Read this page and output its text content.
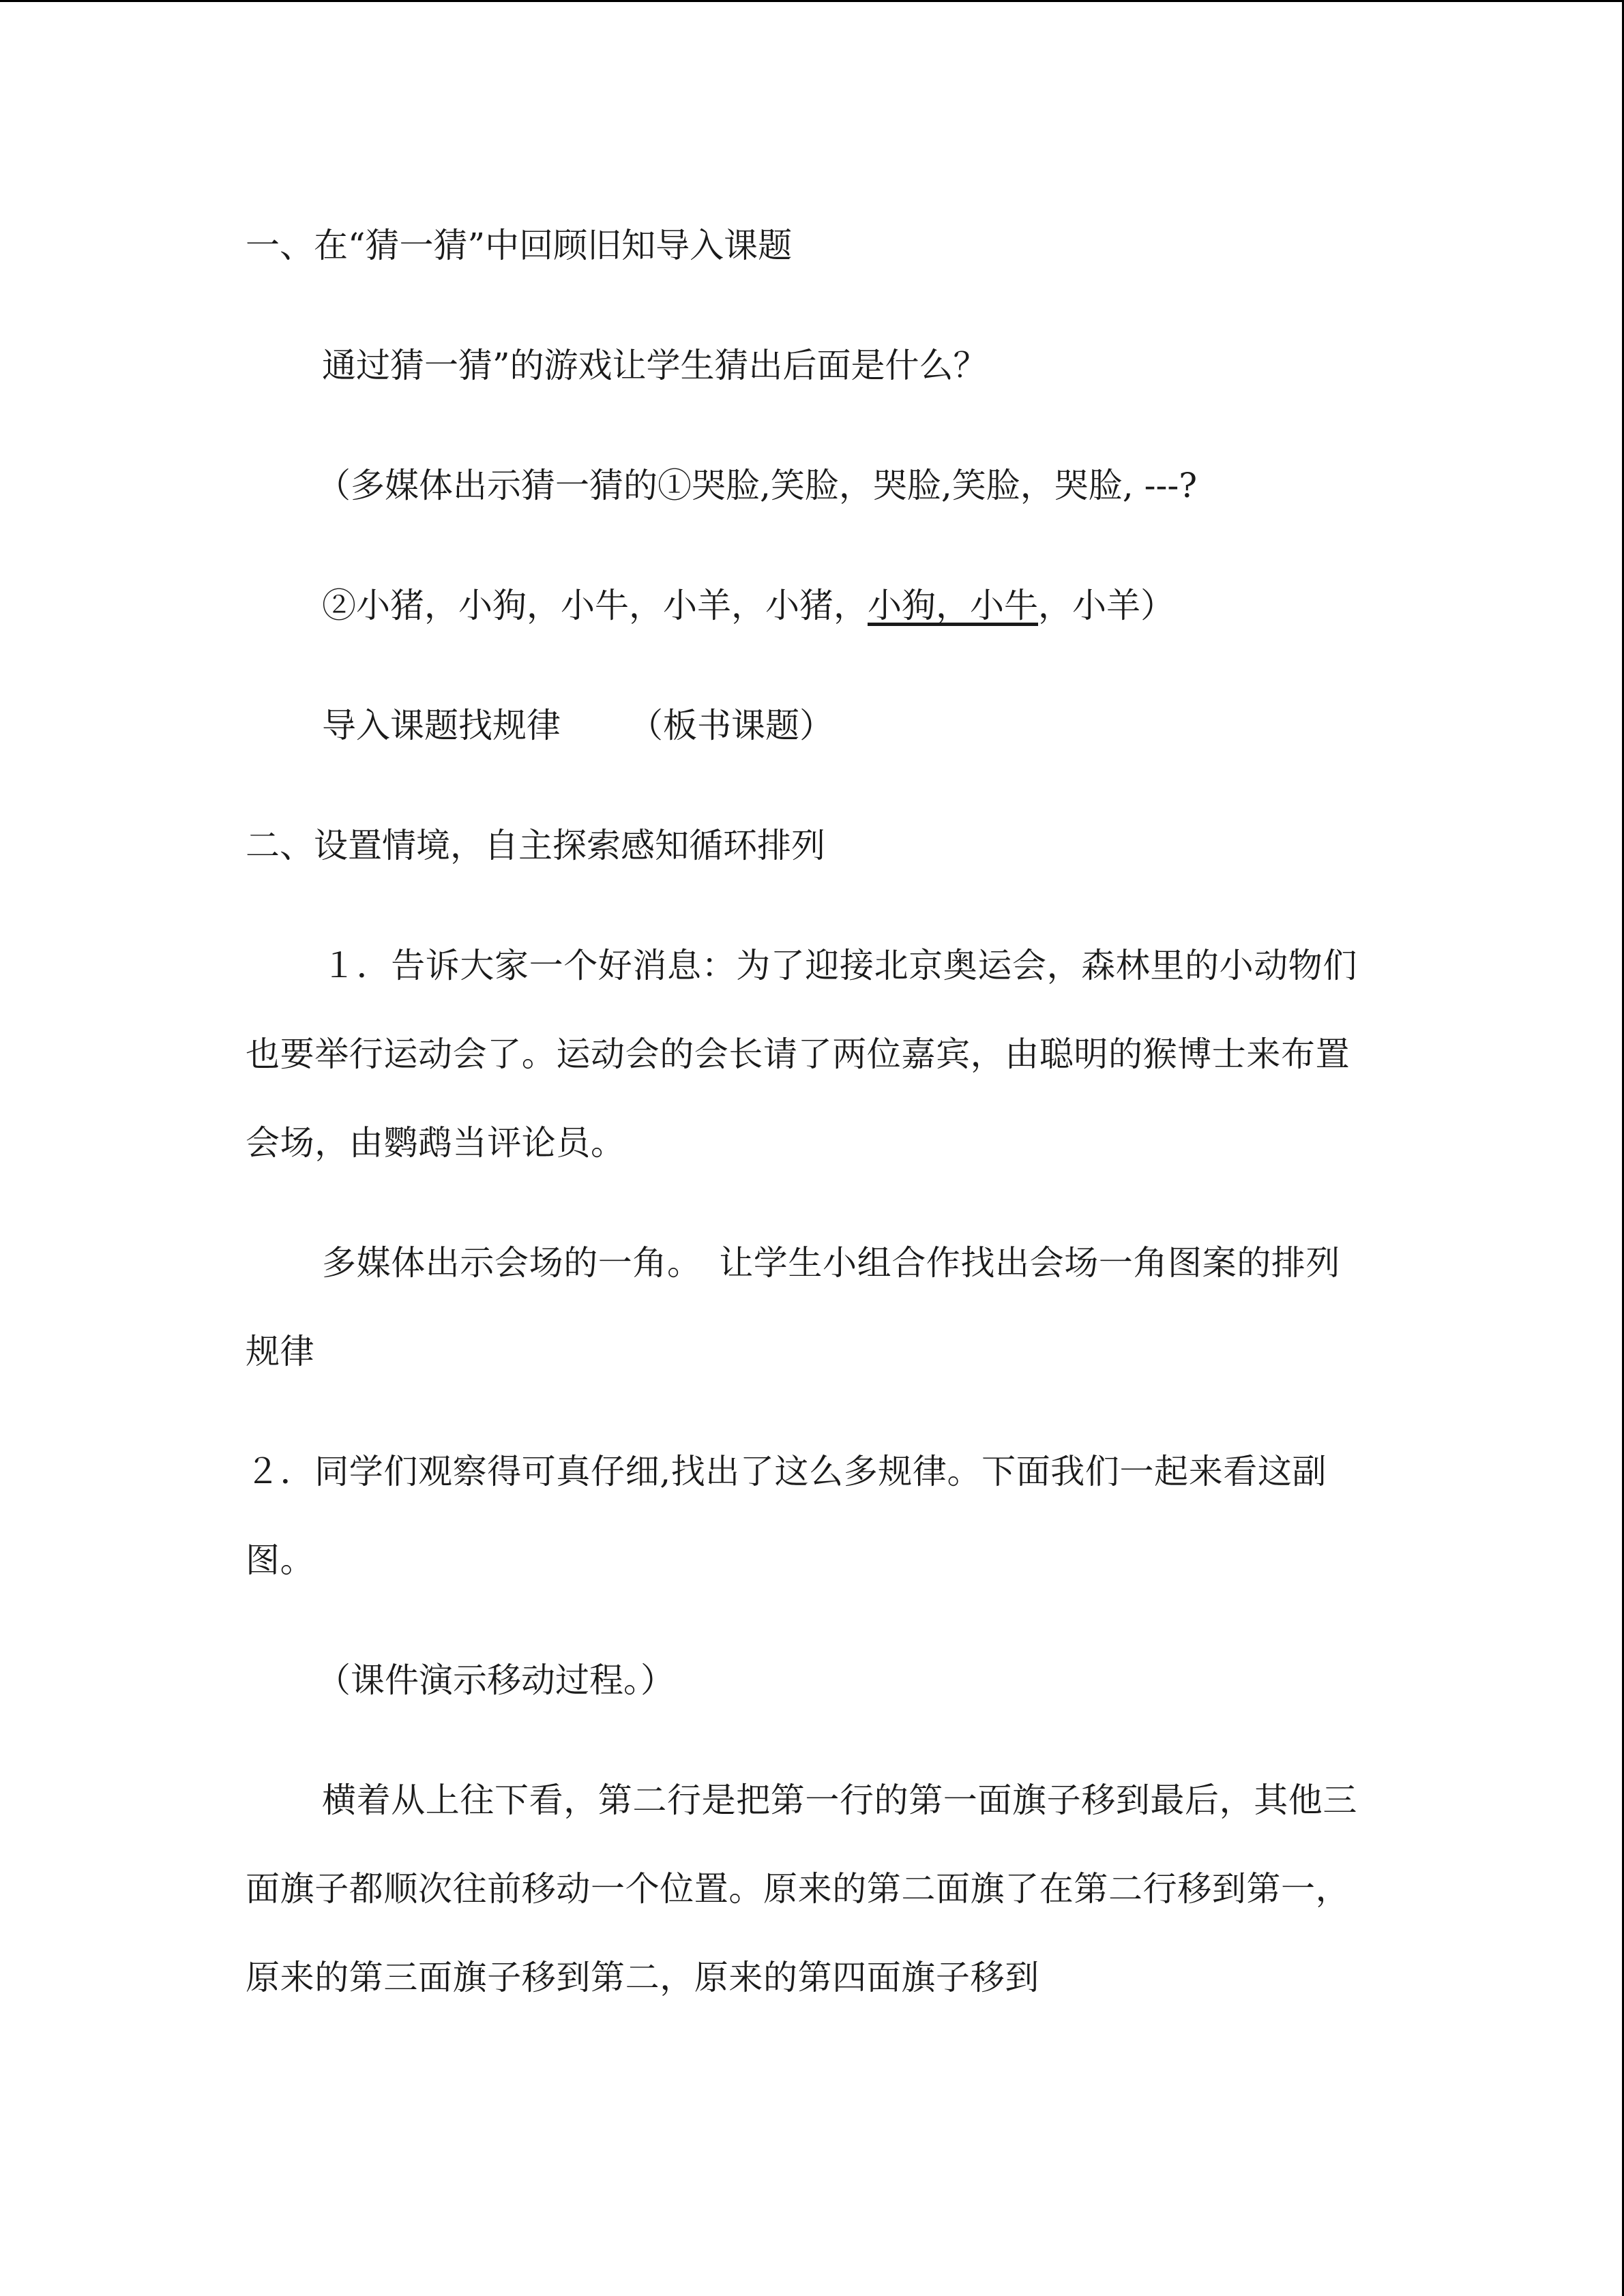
一、在“猜一猜”中回顾旧知导入课题

通过猜一猜”的游戏让学生猜出后面是什么？

（多媒体出示猜一猜的①哭脸,笑脸，哭脸,笑脸，哭脸, ---?

②小猪，小狗，小牛，小羊，小猪，小狗，小牛，小羊）

导入课题找规律 （板书课题）

二、设置情境，自主探索感知循环排列

１．告诉大家一个好消息：为了迎接北京奥运会，森林里的小动物们也要举行运动会了。运动会的会长请了两位嘉宾，由聪明的猴博士来布置会场，由鹦鹉当评论员。

多媒体出示会场的一角。　让学生小组合作找出会场一角图案的排列规律

２．同学们观察得可真仔细,找出了这么多规律。下面我们一起来看这副图。

（课件演示移动过程。）

横着从上往下看，第二行是把第一行的第一面旗子移到最后，其他三面旗子都顺次往前移动一个位置。原来的第二面旗了在第二行移到第一，原来的第三面旗子移到第二，原来的第四面旗子移到
